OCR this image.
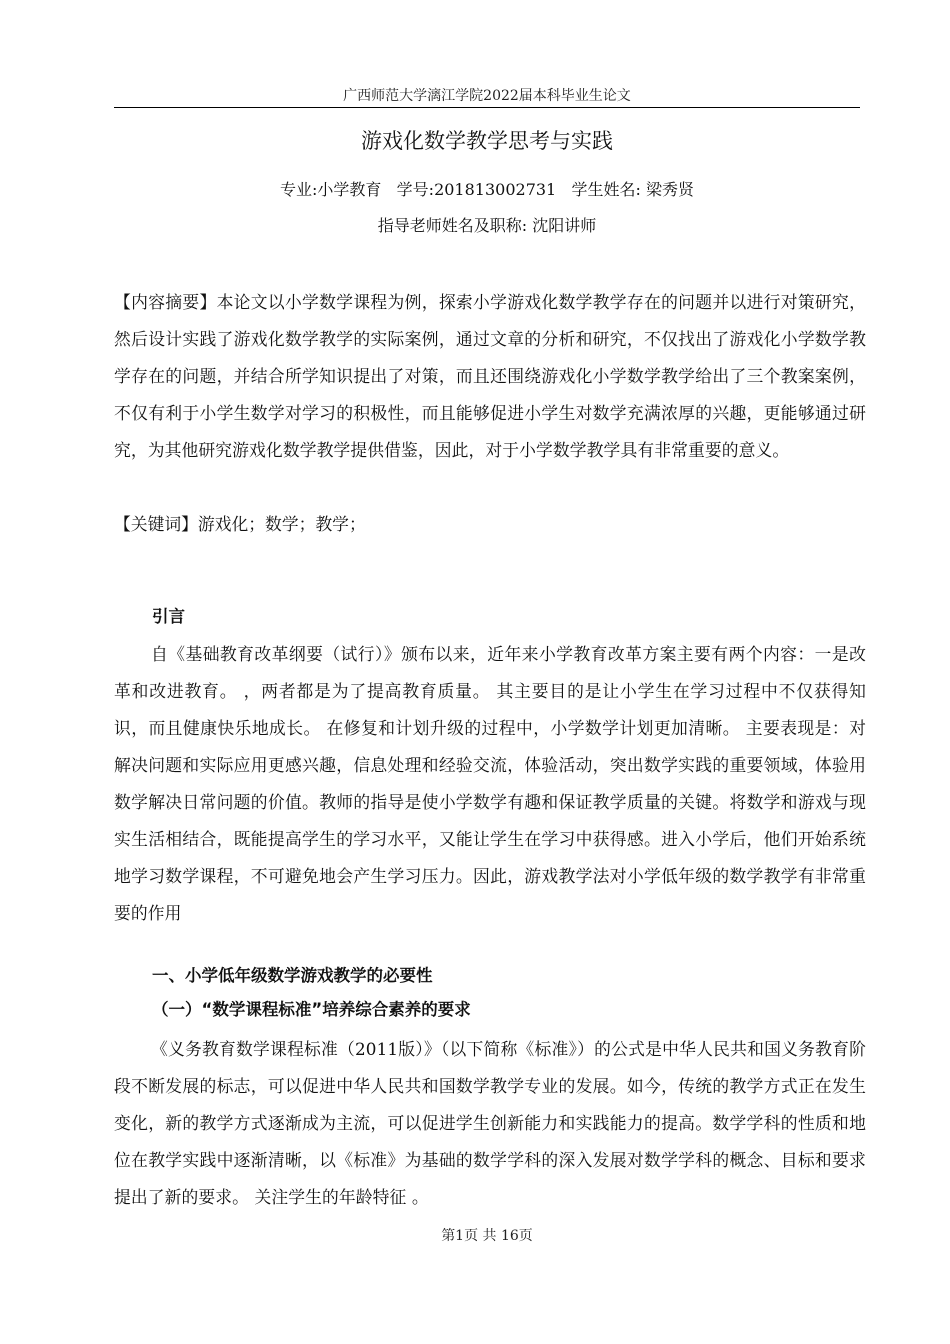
广西师范大学漓江学院2022届本科毕业生论文
游戏化数学教学思考与实践
专业:小学教育   学号:201813002731   学生姓名: 梁秀贤
指导老师姓名及职称: 沈阳讲师
【内容摘要】本论文以小学数学课程为例，探索小学游戏化数学教学存在的问题并以进行对策研究，然后设计实践了游戏化数学教学的实际案例，通过文章的分析和研究，不仅找出了游戏化小学数学教学存在的问题，并结合所学知识提出了对策，而且还围绕游戏化小学数学教学给出了三个教案案例，不仅有利于小学生数学对学习的积极性，而且能够促进小学生对数学充满浓厚的兴趣，更能够通过研究，为其他研究游戏化数学教学提供借鉴，因此，对于小学数学教学具有非常重要的意义。
【关键词】游戏化；数学；教学；
引言
自《基础教育改革纲要（试行）》颁布以来，近年来小学教育改革方案主要有两个内容：一是改革和改进教育。 ，两者都是为了提高教育质量。 其主要目的是让小学生在学习过程中不仅获得知识，而且健康快乐地成长。 在修复和计划升级的过程中，小学数学计划更加清晰。 主要表现是：对解决问题和实际应用更感兴趣，信息处理和经验交流，体验活动，突出数学实践的重要领域，体验用数学解决日常问题的价值。教师的指导是使小学数学有趣和保证教学质量的关键。将数学和游戏与现实生活相结合，既能提高学生的学习水平，又能让学生在学习中获得感。进入小学后，他们开始系统地学习数学课程，不可避免地会产生学习压力。因此，游戏教学法对小学低年级的数学教学有非常重要的作用
一、小学低年级数学游戏教学的必要性
（一）“数学课程标准”培养综合素养的要求
《义务教育数学课程标准（2011版）》（以下简称《标准》）的公式是中华人民共和国义务教育阶段不断发展的标志，可以促进中华人民共和国数学教学专业的发展。如今，传统的教学方式正在发生变化，新的教学方式逐渐成为主流，可以促进学生创新能力和实践能力的提高。数学学科的性质和地位在教学实践中逐渐清晰，以《标准》为基础的数学学科的深入发展对数学学科的概念、目标和要求提出了新的要求。 关注学生的年龄特征 。
第1页 共 16页
